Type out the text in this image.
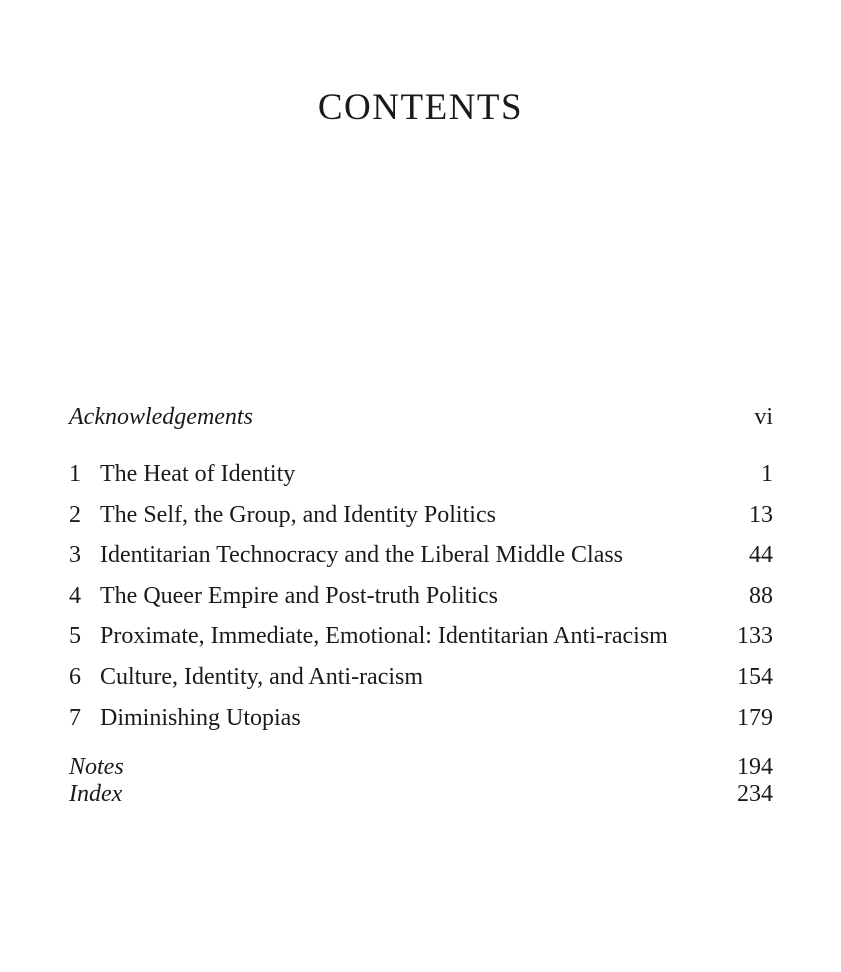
CONTENTS
Acknowledgements	vi
1 The Heat of Identity	1
2 The Self, the Group, and Identity Politics	13
3 Identitarian Technocracy and the Liberal Middle Class	44
4 The Queer Empire and Post-truth Politics	88
5 Proximate, Immediate, Emotional: Identitarian Anti-racism	133
6 Culture, Identity, and Anti-racism	154
7 Diminishing Utopias	179
Notes	194
Index	234
